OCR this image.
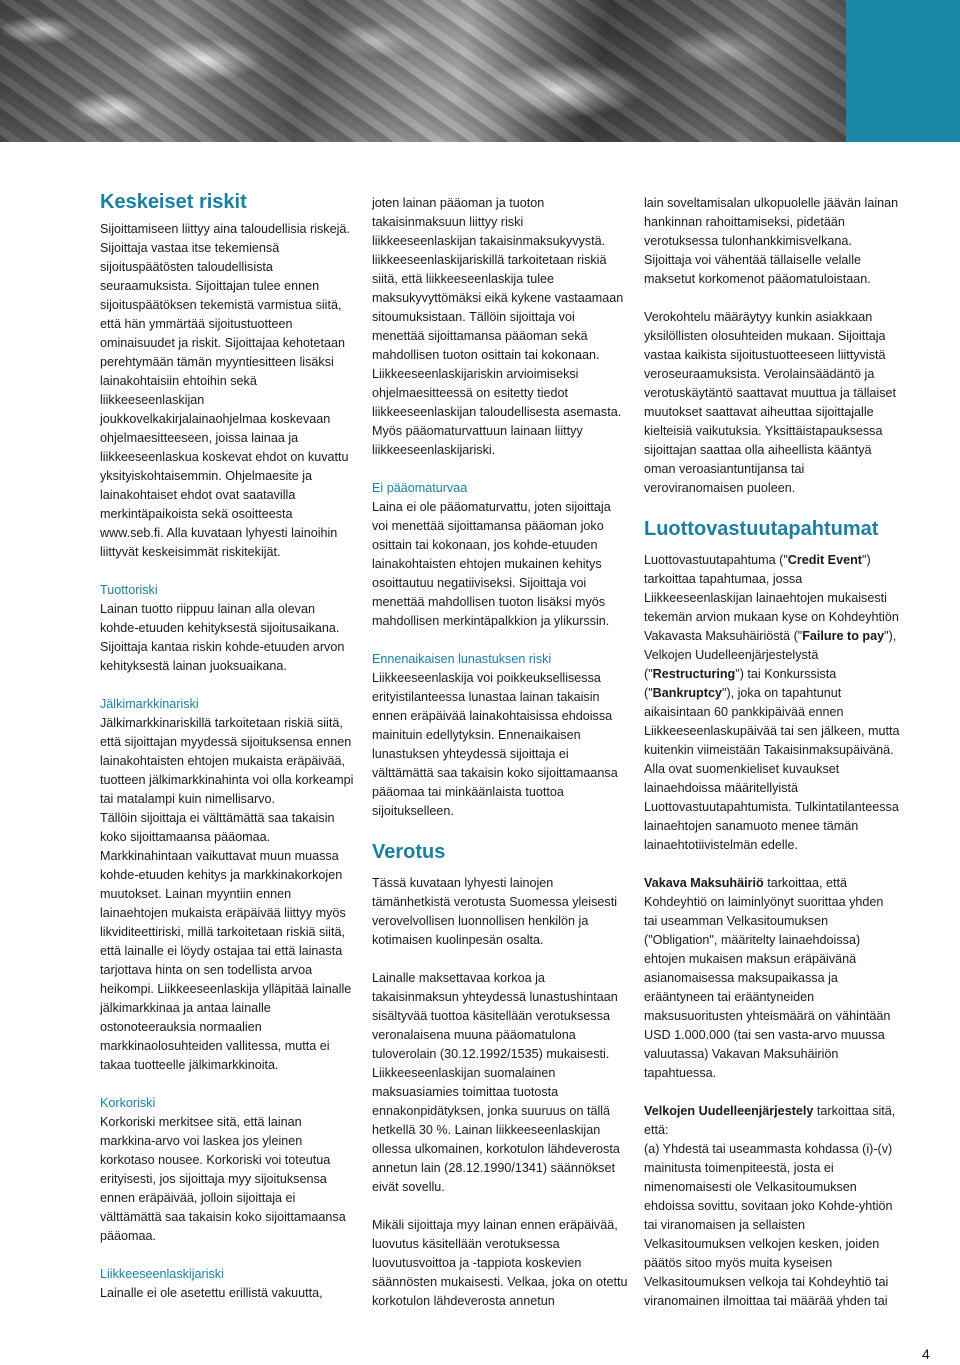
Keskeiset riskit

Sijoittamiseen liittyy aina taloudellisia riskejä. Sijoittaja vastaa itse tekemiensä sijoituspäätösten taloudellisista seuraamuksista. Sijoittajan tulee ennen sijoituspäätöksen tekemistä varmistua siitä, että hän ymmärtää sijoitustuotteen ominaisuudet ja riskit. Sijoittajaa kehotetaan perehtymään tämän myyntiesitteen lisäksi lainakohtaisiin ehtoihin sekä liikkeeseenlaskijan joukkovelkakirjalainaohjelmaa koskevaan ohjelmaesitteeseen, joissa lainaa ja liikkeeseenlaskua koskevat ehdot on kuvattu yksityiskohtaisemmin. Ohjelmaesite ja lainakohtaiset ehdot ovat saatavilla merkintäpaikoista sekä osoitteesta www.seb.fi. Alla kuvataan lyhyesti lainoihin liittyvät keskeisimmät riskitekijät.

Tuottoriski

Lainan tuotto riippuu lainan alla olevan kohde-etuuden kehityksestä sijoitusaikana. Sijoittaja kantaa riskin kohde-etuuden arvon kehityksestä lainan juoksuaikana.

Jälkimarkkinariski

Jälkimarkkinariskillä tarkoitetaan riskiä siitä, että sijoittajan myydessä sijoituksensa ennen lainakohtaisten ehtojen mukaista eräpäivää, tuotteen jälkimarkkinahinta voi olla korkeampi tai matalampi kuin nimellisarvo.

Tällöin sijoittaja ei välttämättä saa takaisin koko sijoittamaansa pääomaa.

Markkinahintaan vaikuttavat muun muassa kohde-etuuden kehitys ja markkinakorkojen muutokset. Lainan myyntiin ennen lainaehtojen mukaista eräpäivää liittyy myös likviditeettiriski, millä tarkoitetaan riskiä siitä, että lainalle ei löydy ostajaa tai että lainasta tarjottava hinta on sen todellista arvoa heikompi. Liikkeeseenlaskija ylläpitää lainalle jälkimarkkinaa ja antaa lainalle ostonoteerauksia normaalien markkinaolosuhteiden vallitessa, mutta ei takaa tuotteelle jälkimarkkinoita.

Korkoriski

Korkoriski merkitsee sitä, että lainan markkina-arvo voi laskea jos yleinen korkotaso nousee. Korkoriski voi toteutua erityisesti, jos sijoittaja myy sijoituksensa ennen eräpäivää, jolloin sijoittaja ei välttämättä saa takaisin koko sijoittamaansa pääomaa.

Liikkeeseenlaskijariski

Lainalle ei ole asetettu erillistä vakuutta,

joten lainan pääoman ja tuoton takaisinmaksuun liittyy riski liikkeeseenlaskijan takaisinmaksukyvystä. liikkeeseenlaskijariskillä tarkoitetaan riskiä siitä, että liikkeeseenlaskija tulee maksukyvyttömäksi eikä kykene vastaamaan sitoumuksistaan. Tällöin sijoittaja voi menettää sijoittamansa pääoman sekä mahdollisen tuoton osittain tai kokonaan. Liikkeeseenlaskijariskin arvioimiseksi ohjelmaesitteessä on esitetty tiedot liikkeeseenlaskijan taloudellisesta asemasta. Myös pääomaturvattuun lainaan liittyy liikkeeseenlaskijariski.

Ei pääomaturvaa

Laina ei ole pääomaturvattu, joten sijoittaja voi menettää sijoittamansa pääoman joko osittain tai kokonaan, jos kohde-etuuden lainakohtaisten ehtojen mukainen kehitys osoittautuu negatiiviseksi. Sijoittaja voi menettää mahdollisen tuoton lisäksi myös mahdollisen merkintäpalkkion ja ylikurssin.

Ennenaikaisen lunastuksen riski

Liikkeeseenlaskija voi poikkeuksellisessa erityistilanteessa lunastaa lainan takaisin ennen eräpäivää lainakohtaisissa ehdoissa mainituin edellytyksin. Ennenaikaisen lunastuksen yhteydessä sijoittaja ei välttämättä saa takaisin koko sijoittamaansa pääomaa tai minkäänlaista tuottoa sijoitukselleen.

Verotus

Tässä kuvataan lyhyesti lainojen tämänhetkistä verotusta Suomessa yleisesti verovelvollisen luonnollisen henkilön ja kotimaisen kuolinpesän osalta.

Lainalle maksettavaa korkoa ja takaisinmaksun yhteydessä lunastushintaan sisältyvää tuottoa käsitellään verotuksessa veronalaisena muuna pääomatulona tuloverolain (30.12.1992/1535) mukaisesti. Liikkeeseenlaskijan suomalainen maksuasiamies toimittaa tuotosta ennakonpidätyksen, jonka suuruus on tällä hetkellä 30 %. Lainan liikkeeseenlaskijan ollessa ulkomainen, korkotulon lähdeverosta annetun lain (28.12.1990/1341) säännökset eivät sovellu.

Mikäli sijoittaja myy lainan ennen eräpäivää, luovutus käsitellään verotuksessa luovutusvoittoa ja -tappiota koskevien säännösten mukaisesti. Velkaa, joka on otettu korkotulon lähdeverosta annetun

lain soveltamisalan ulkopuolelle jäävän lainan hankinnan rahoittamiseksi, pidetään verotuksessa tulonhankkimisvelkana. Sijoittaja voi vähentää tällaiselle velalle maksetut korkomenot pääomatuloistaan.

Verokohtelu määräytyy kunkin asiakkaan yksilöllisten olosuhteiden mukaan. Sijoittaja vastaa kaikista sijoitustuotteeseen liittyvistä veroseuraamuksista. Verolainsäädäntö ja verotuskäytäntö saattavat muuttua ja tällaiset muutokset saattavat aiheuttaa sijoittajalle kielteisiä vaikutuksia. Yksittäistapauksessa sijoittajan saattaa olla aiheellista kääntyä oman veroasiantuntijansa tai veroviranomaisen puoleen.

Luottovastuutapahtumat

Luottovastuutapahtuma ("Credit Event") tarkoittaa tapahtumaa, jossa Liikkeeseenlaskijan lainaehtojen mukaisesti tekemän arvion mukaan kyse on Kohdeyhtiön Vakavasta Maksuhäiriöstä ("Failure to pay"), Velkojen Uudelleenjärjestelystä ("Restructuring") tai Konkurssista ("Bankruptcy"), joka on tapahtunut aikaisintaan 60 pankkipäivää ennen Liikkeeseenlaskupäivää tai sen jälkeen, mutta kuitenkin viimeistään Takaisinmaksupäivänä. Alla ovat suomenkieliset kuvaukset lainaehdoissa määritellyistä Luottovastuutapahtumista. Tulkintatilanteessa lainaehtojen sanamuoto menee tämän lainaehtotiivistelmän edelle.

Vakava Maksuhäiriö tarkoittaa, että Kohdeyhtiö on laiminlyönyt suorittaa yhden tai useamman Velkasitoumuksen ("Obligation", määritelty lainaehdoissa) ehtojen mukaisen maksun eräpäivänä asianomaisessa maksupaikassa ja erääntyneen tai erääntyneiden maksusuoritusten yhteismäärä on vähintään USD 1.000.000 (tai sen vasta-arvo muussa valuutassa) Vakavan Maksuhäiriön tapahtuessa.

Velkojen Uudelleenjärjestely tarkoittaa sitä, että:

(a) Yhdestä tai useammasta kohdassa (i)-(v) mainitusta toimenpiteestä, josta ei nimenomaisesti ole Velkasitoumuksen ehdoissa sovittu, sovitaan joko Kohde-yhtiön tai viranomaisen ja sellaisten Velkasitoumuksen velkojen kesken, joiden päätös sitoo myös muita kyseisen Velkasitoumuksen velkoja tai Kohdeyhtiö tai viranomainen ilmoittaa tai määrää yhden tai

4
